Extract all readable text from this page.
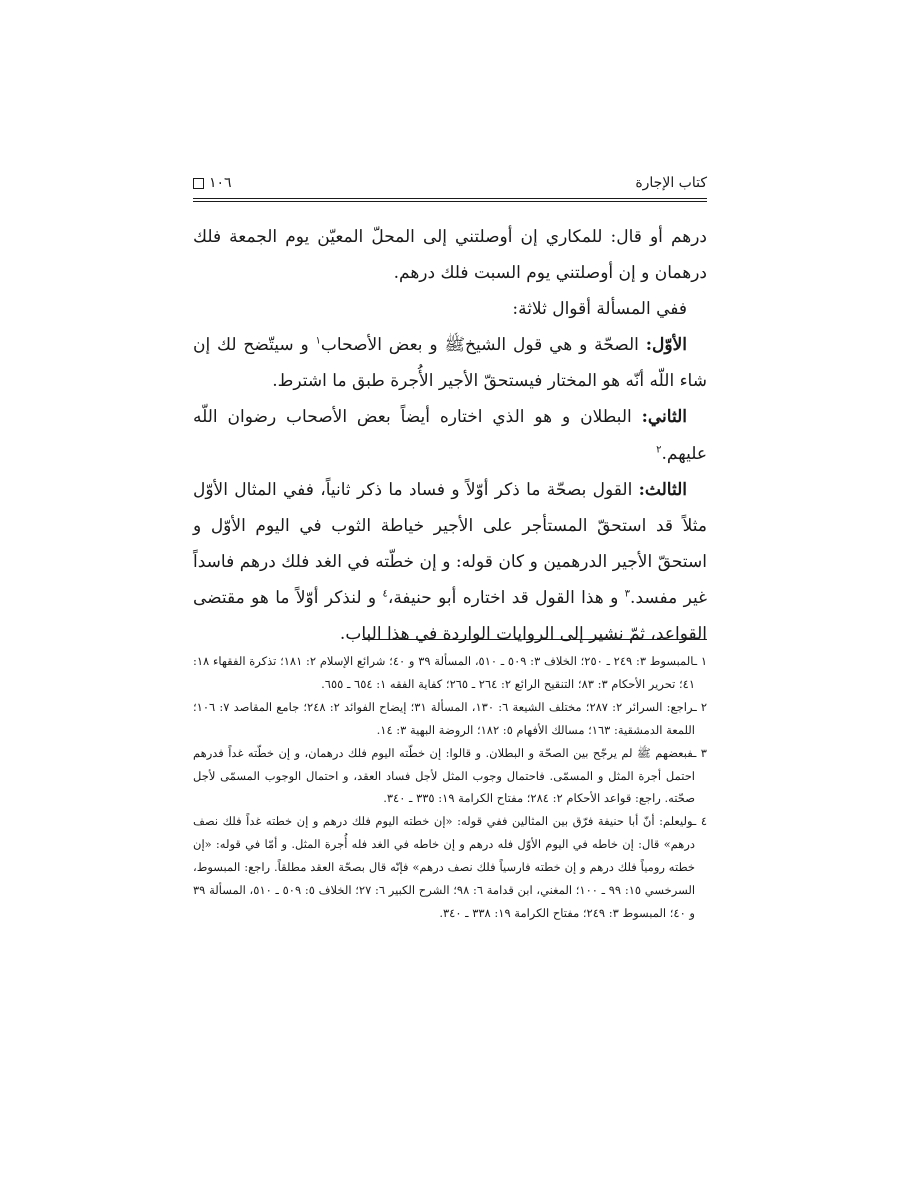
١٠٦	كتاب الإجارة

درهم أو قال: للمكاري إن أوصلتني إلى المحلّ المعيّن يوم الجمعة فلك درهمان و إن أوصلتني يوم السبت فلك درهم.

ففي المسألة أقوال ثلاثة:

الأوّل: الصحّة و هي قول الشيخﷺ و بعض الأصحاب$^١$ و سيتّضح لك إن شاء اللّه أنّه هو المختار فيستحقّ الأجير الأُجرة طبق ما اشترط.

الثاني: البطلان و هو الذي اختاره أيضاً بعض الأصحاب رضوان اللّه عليهم.$^٢$

الثالث: القول بصحّة ما ذكر أوّلاً و فساد ما ذكر ثانياً، ففي المثال الأوّل مثلاً قد استحقّ المستأجر على الأجير خياطة الثوب في اليوم الأوّل و استحقّ الأجير الدرهمين و كان قوله: و إن خطّته في الغد فلك درهم فاسداً غير مفسد.$^٣$ و هذا القول قد اختاره أبو حنيفة،$^٤$ و لنذكر أوّلاً ما هو مقتضى القواعد، ثمّ نشير إلى الروايات الواردة في هذا الباب.

١ ـالمبسوط ٣: ٢٤٩ ـ ٢٥٠؛ الخلاف ٣: ٥٠٩ ـ ٥١٠، المسألة ٣٩ و ٤٠؛ شرائع الإسلام ٢: ١٨١؛ تذكرة الفقهاء ١٨: ٤١؛ تحرير الأحكام ٣: ٨٣؛ التنقيح الرائع ٢: ٢٦٤ ـ ٢٦٥؛ كفاية الفقه ١: ٦٥٤ ـ ٦٥٥.

٢ ـراجع: السرائر ٢: ٢٨٧؛ مختلف الشيعة ٦: ١٣٠، المسألة ٣١؛ إيضاح الفوائد ٢: ٢٤٨؛ جامع المقاصد ٧: ١٠٦؛ اللمعة الدمشقية: ١٦٣؛ مسالك الأفهام ٥: ١٨٢؛ الروضة البهية ٣: ١٤.

٣ ـفبعضهم ﷺ لم يرجّح بين الصحّة و البطلان. و قالوا: إن خطّته اليوم فلك درهمان، و إن خطّته غداً فدرهم احتمل أجرة المثل و المسمّى. فاحتمال وجوب المثل لأجل فساد العقد، و احتمال الوجوب المسمّى لأجل صحّته. راجع: قواعد الأحكام ٢: ٢٨٤؛ مفتاح الكرامة ١٩: ٣٣٥ ـ ٣٤٠.

٤ ـوليعلم: أنّ أبا حنيفة فرّق بين المثالين ففي قوله: «إن خطته اليوم فلك درهم و إن خطته غداً فلك نصف درهم» قال: إن خاطه في اليوم الأوّل فله درهم و إن خاطه في الغد فله أُجرة المثل. و أمّا في قوله: «إن خطته رومياً فلك درهم و إن خطته فارسياً فلك نصف درهم» فإنّه قال بصحّة العقد مطلقاً. راجع: المبسوط، السرخسي ١٥: ٩٩ ـ ١٠٠؛ المغني، ابن قدامة ٦: ٩٨؛ الشرح الكبير ٦: ٢٧؛ الخلاف ٥: ٥٠٩ ـ ٥١٠، المسألة ٣٩ و ٤٠؛ المبسوط ٣: ٢٤٩؛ مفتاح الكرامة ١٩: ٣٣٨ ـ ٣٤٠.
